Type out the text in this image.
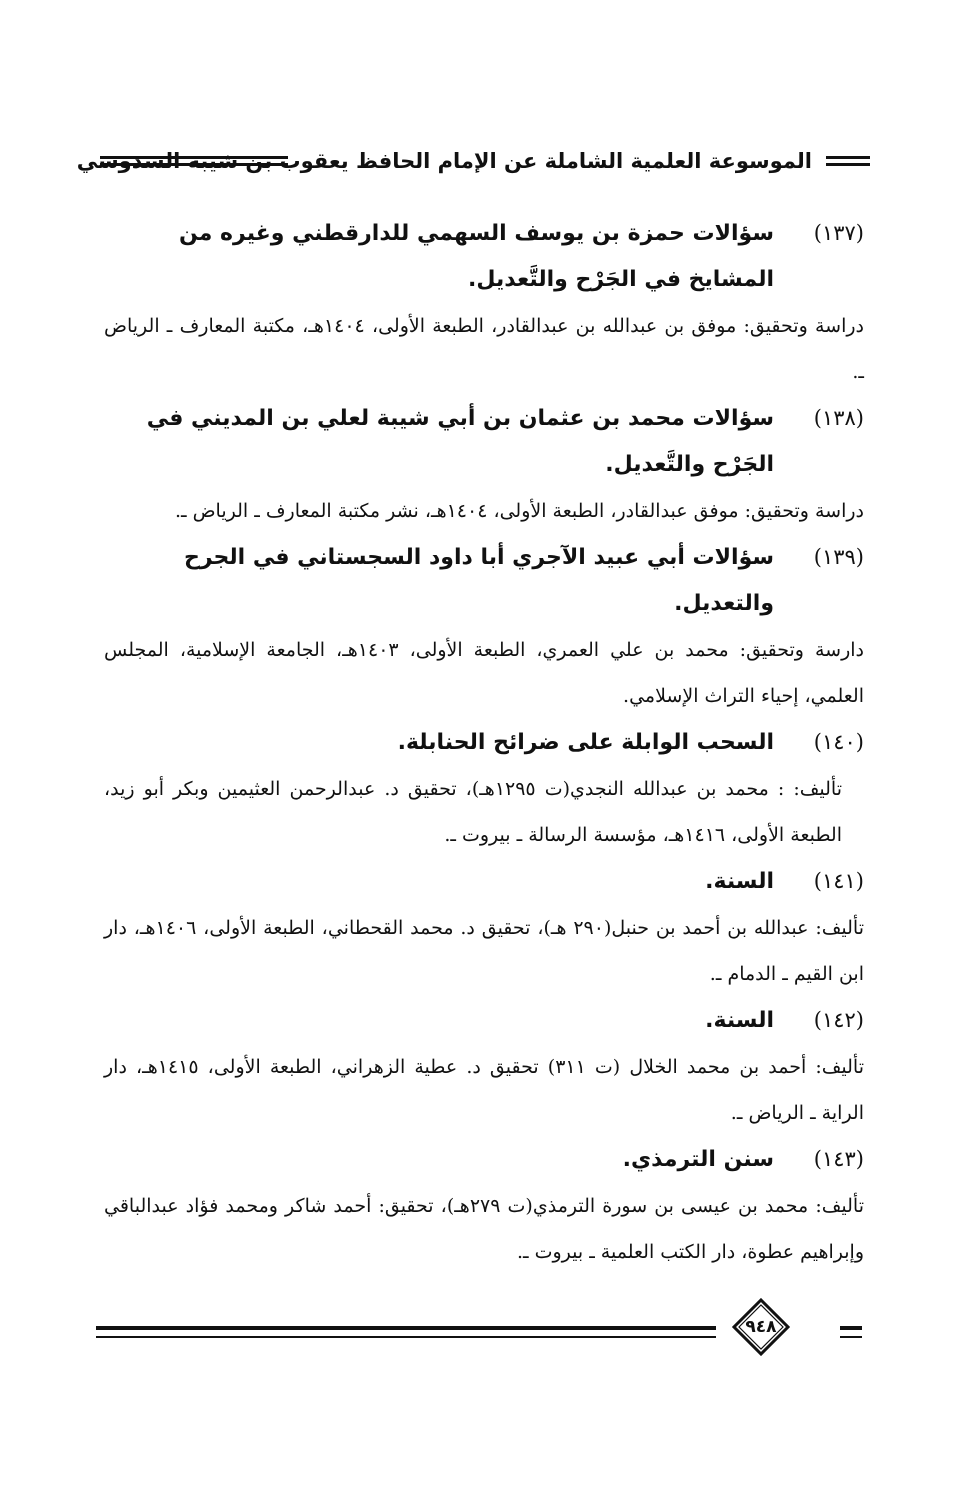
الموسوعة العلمية الشاملة عن الإمام الحافظ يعقوب بن شيبة السدوسي
(١٣٧)
سؤالات حمزة بن يوسف السهمي للدارقطني وغيره من المشايخ في الجَرْح والتَّعديل.
دراسة وتحقيق: موفق بن عبدالله بن عبدالقادر، الطبعة الأولى، ١٤٠٤هـ، مكتبة المعارف ـ الرياض ـ.
(١٣٨)
سؤالات محمد بن عثمان بن أبي شيبة لعلي بن المديني في الجَرْح والتَّعديل.
دراسة وتحقيق: موفق عبدالقادر، الطبعة الأولى، ١٤٠٤هـ، نشر مكتبة المعارف ـ الرياض ـ.
(١٣٩)
سؤالات أبي عبيد الآجري أبا داود السجستاني في الجرح والتعديل.
دارسة وتحقيق: محمد بن علي العمري، الطبعة الأولى، ١٤٠٣هـ، الجامعة الإسلامية، المجلس العلمي، إحياء التراث الإسلامي.
(١٤٠)
السحب الوابلة على ضرائح الحنابلة.
تأليف: : محمد بن عبدالله النجدي(ت ١٢٩٥هـ)، تحقيق د. عبدالرحمن العثيمين وبكر أبو زيد، الطبعة الأولى، ١٤١٦هـ، مؤسسة الرسالة ـ بيروت ـ.
(١٤١)
السنة.
تأليف: عبدالله بن أحمد بن حنبل(٢٩٠ هـ)، تحقيق د. محمد القحطاني، الطبعة الأولى، ١٤٠٦هـ، دار ابن القيم ـ الدمام ـ.
(١٤٢)
السنة.
تأليف: أحمد بن محمد الخلال (ت ٣١١) تحقيق د. عطية الزهراني، الطبعة الأولى، ١٤١٥هـ، دار الراية ـ الرياض ـ.
(١٤٣)
سنن الترمذي.
تأليف: محمد بن عيسى بن سورة الترمذي(ت ٢٧٩هـ)، تحقيق: أحمد شاكر ومحمد فؤاد عبدالباقي وإبراهيم عطوة، دار الكتب العلمية ـ بيروت ـ.
٩٤٨
